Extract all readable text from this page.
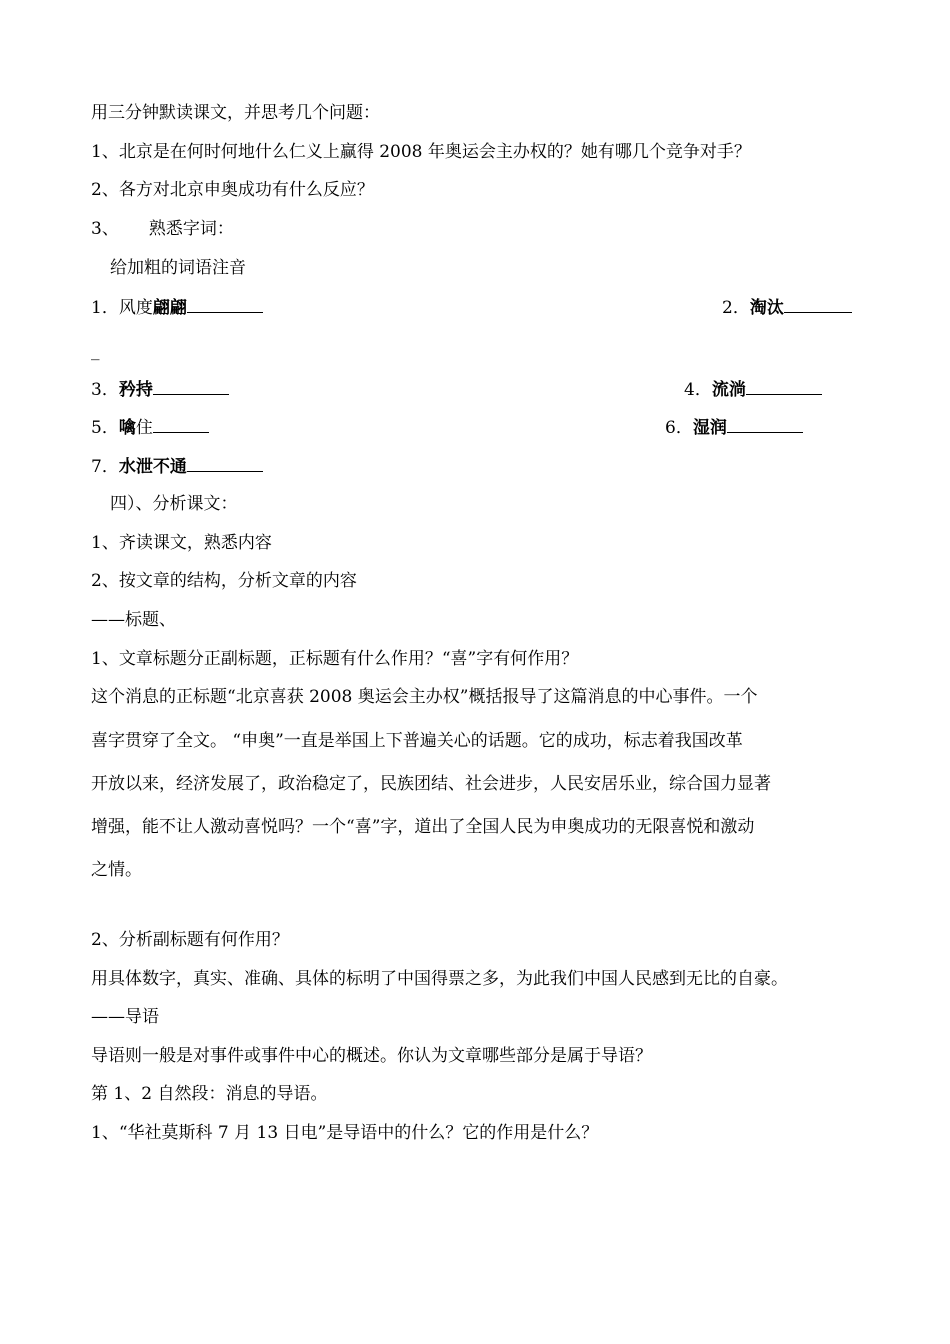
用三分钟默读课文，并思考几个问题：
1、北京是在何时何地什么仁义上赢得 2008 年奥运会主办权的？她有哪几个竞争对手？
2、各方对北京申奥成功有什么反应？
3、 熟悉字词：
给加粗的词语注音
1．风度翩翩	2．淘汰
_
3．矜持	4．流淌
5．噙住	6．湿润
7．水泄不通
四）、分析课文：
1、齐读课文，熟悉内容
2、按文章的结构，分析文章的内容
——标题、
1、文章标题分正副标题，正标题有什么作用？“喜”字有何作用？
这个消息的正标题“北京喜获 2008 奥运会主办权”概括报导了这篇消息的中心事件。一个
喜字贯穿了全文。 “申奥”一直是举国上下普遍关心的话题。它的成功，标志着我国改革
开放以来，经济发展了，政治稳定了，民族团结、社会进步，人民安居乐业，综合国力显著
增强，能不让人激动喜悦吗？一个“喜”字，道出了全国人民为申奥成功的无限喜悦和激动
之情。
2、分析副标题有何作用？
用具体数字，真实、准确、具体的标明了中国得票之多，为此我们中国人民感到无比的自豪。
——导语
导语则一般是对事件或事件中心的概述。你认为文章哪些部分是属于导语？
第 1、2 自然段：消息的导语。
1、“华社莫斯科 7 月 13 日电”是导语中的什么？它的作用是什么？
